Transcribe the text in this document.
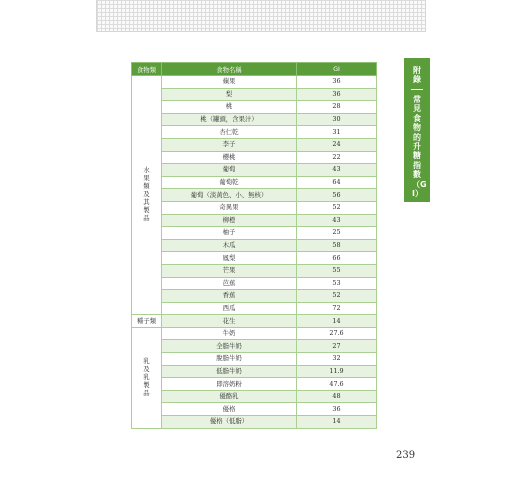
食物類	食物名稱	GI
水果類及其製品	蘋果	36
	梨	36
	桃	28
	桃（罐頭，含果汁）	30
	杏仁乾	31
	李子	24
	櫻桃	22
	葡萄	43
	葡萄乾	64
	葡萄（淡黃色、小、無核）	56
	奇異果	52
	柳橙	43
	柚子	25
	木瓜	58
	鳳梨	66
	芒果	55
	芭蕉	53
	香蕉	52
	西瓜	72
種子類	花生	14
乳及乳製品	牛奶	27.6
	全脂牛奶	27
	脫脂牛奶	32
	低脂牛奶	11.9
	即溶奶粉	47.6
	優酪乳	48
	優格	36
	優格（低脂）	14
附錄
常見食物的升糖指數（GI）
239
